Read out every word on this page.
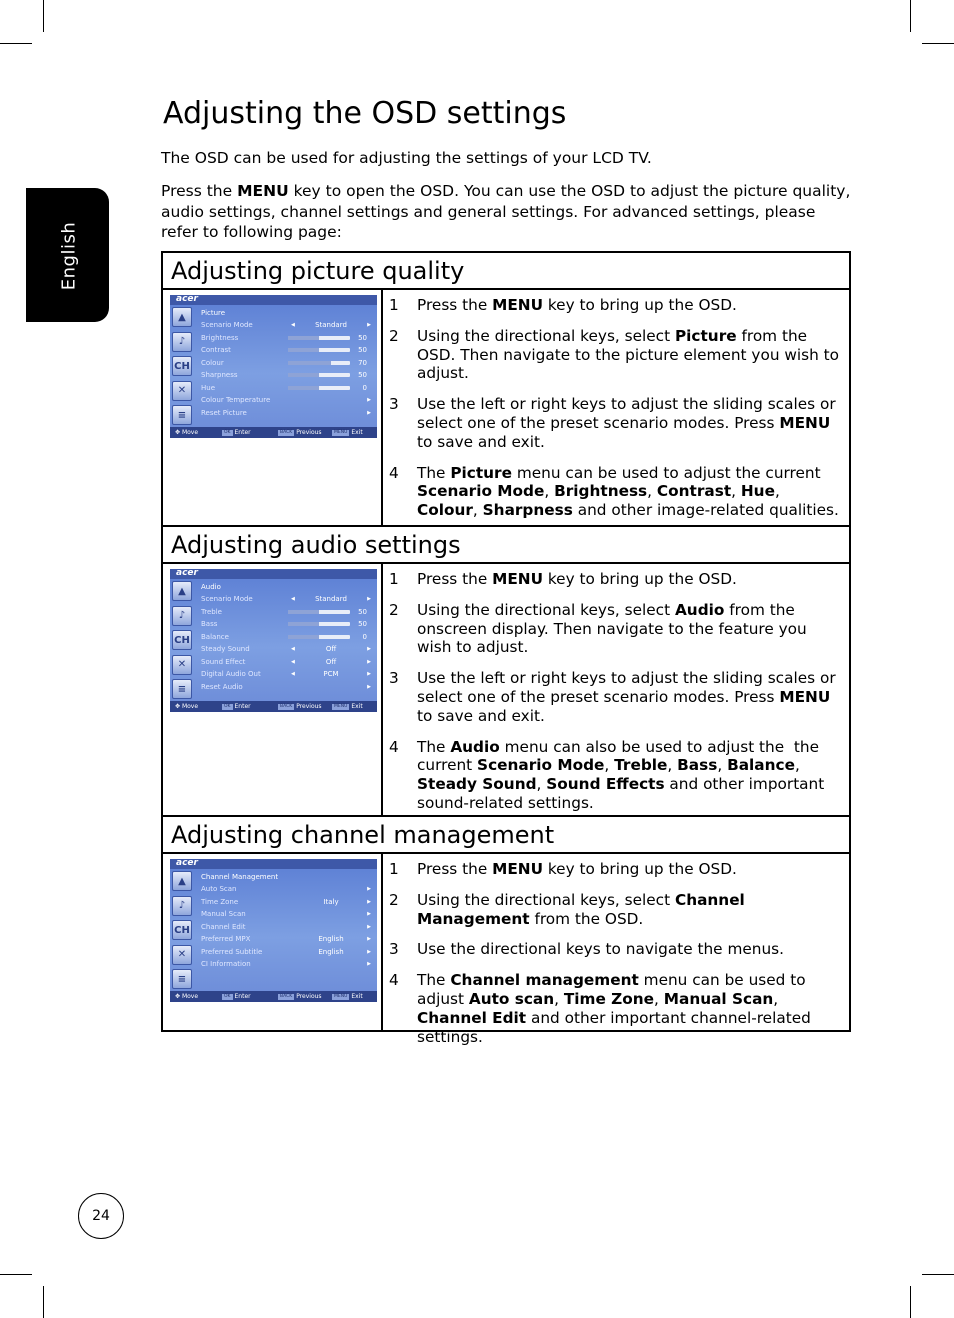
English
Adjusting the OSD settings

The OSD can be used for adjusting the settings of your LCD TV.

Press the MENU key to open the OSD. You can use the OSD to adjust the picture quality, audio settings, channel settings and general settings. For advanced settings, please refer to following page:

Adjusting picture quality
acer
▲
♪
CH
✕
≡
Picture
Scenario Mode	◀	Standard	▶
Brightness	50
Contrast	50
Colour	70
Sharpness	50
Hue	0
Colour Temperature	▶
Reset Picture	▶
✥ Move	OK Enter	BACK Previous	MENU Exit
1	Press the MENU key to bring up the OSD.
2	Using the directional keys, select Picture from the OSD. Then navigate to the picture element you wish to adjust.
3	Use the left or right keys to adjust the sliding scales or select one of the preset scenario modes. Press MENU to save and exit.
4	The Picture menu can be used to adjust the current Scenario Mode, Brightness, Contrast, Hue, Colour, Sharpness and other image-related qualities.
Adjusting audio settings
acer
▲
♪
CH
✕
≡
Audio
Scenario Mode	◀	Standard	▶
Treble	50
Bass	50
Balance	0
Steady Sound	◀	Off	▶
Sound Effect	◀	Off	▶
Digital Audio Out	◀	PCM	▶
Reset Audio	▶
✥ Move	OK Enter	BACK Previous	MENU Exit
1	Press the MENU key to bring up the OSD.
2	Using the directional keys, select Audio from the onscreen display. Then navigate to the feature you wish to adjust.
3	Use the left or right keys to adjust the sliding scales or select one of the preset scenario modes. Press MENU to save and exit.
4	The Audio menu can also be used to adjust the  the current Scenario Mode, Treble, Bass, Balance, Steady Sound, Sound Effects and other important sound-related settings.
Adjusting channel management
acer
▲
♪
CH
✕
≡
Channel Management
Auto Scan	▶
Time Zone	Italy	▶
Manual Scan	▶
Channel Edit	▶
Preferred MPX	English	▶
Preferred Subtitle	English	▶
CI Information	▶
✥ Move	OK Enter	BACK Previous	MENU Exit
1	Press the MENU key to bring up the OSD.
2	Using the directional keys, select Channel Management from the OSD.
3	Use the directional keys to navigate the menus.
4	The Channel management menu can be used to adjust Auto scan, Time Zone, Manual Scan, Channel Edit and other important channel-related settings.
24
